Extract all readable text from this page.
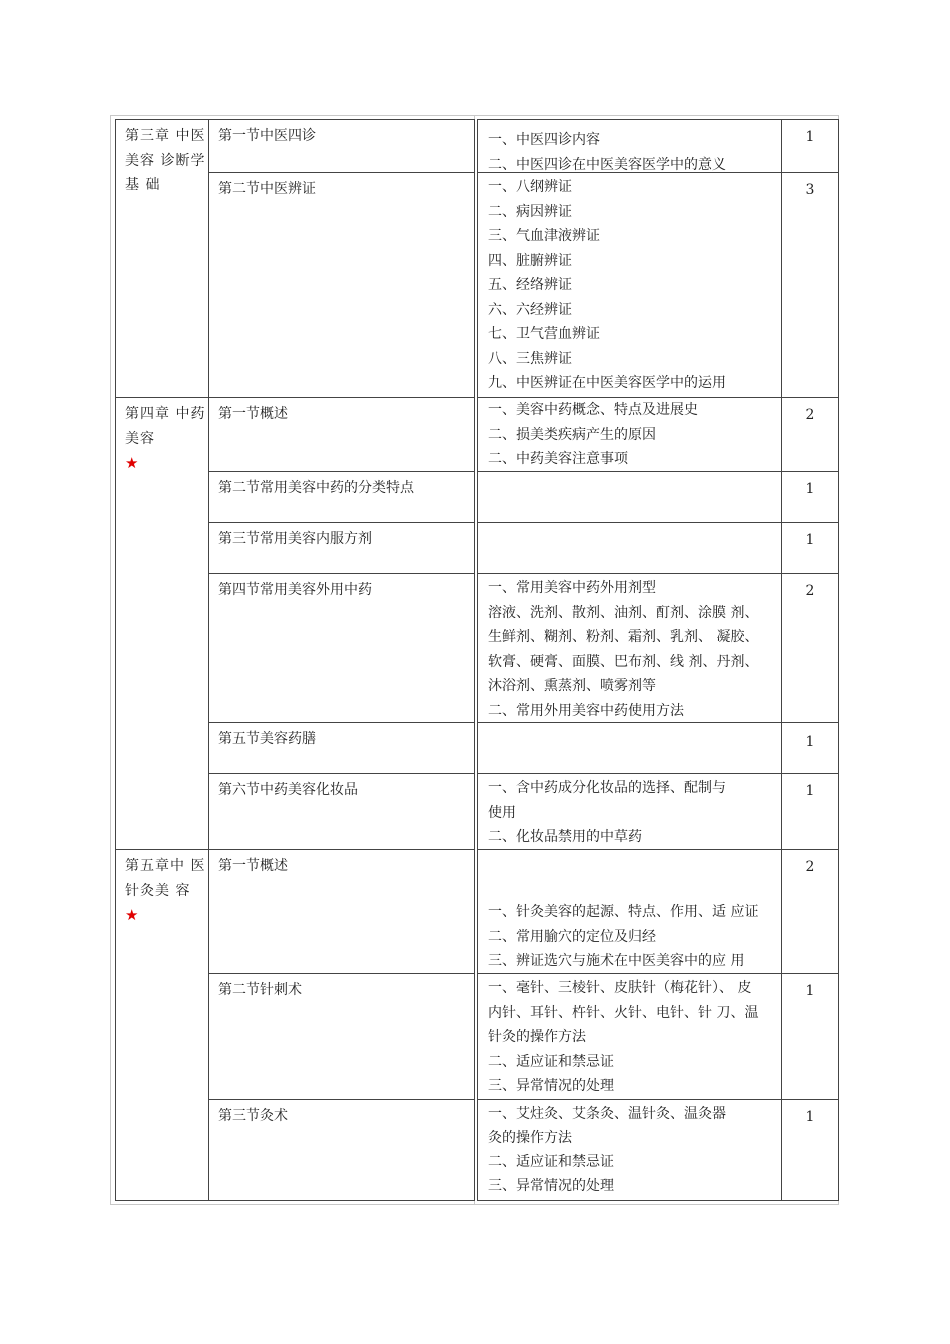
第三章 中医
美容 诊断学
基 础
第四章 中药
美容
★
第五章中 医
针灸美 容
★
第一节中医四诊
第二节中医辨证
第一节概述
第二节常用美容中药的分类特点
第三节常用美容内服方剂
第四节常用美容外用中药
第五节美容药膳
第六节中药美容化妆品
第一节概述
第二节针刺术
第三节灸术
一、中医四诊内容
二、中医四诊在中医美容医学中的意义
1
一、八纲辨证
二、病因辨证
三、气血津液辨证
四、脏腑辨证
五、经络辨证
六、六经辨证
七、卫气营血辨证
八、三焦辨证
九、中医辨证在中医美容医学中的运用
3
一、美容中药概念、特点及进展史
二、损美类疾病产生的原因
二、中药美容注意事项
2
1
1
一、常用美容中药外用剂型
溶液、洗剂、散剂、油剂、酊剂、涂膜 剂、
生鲜剂、糊剂、粉剂、霜剂、乳剂、 凝胶、
软膏、硬膏、面膜、巴布剂、线 剂、丹剂、
沐浴剂、熏蒸剂、喷雾剂等
二、常用外用美容中药使用方法
2
1
一、含中药成分化妆品的选择、配制与
使用
二、化妆品禁用的中草药
1
一、针灸美容的起源、特点、作用、适 应证
二、常用腧穴的定位及归经
三、辨证选穴与施术在中医美容中的应 用
2
一、毫针、三棱针、皮肤针（梅花针）、 皮
内针、耳针、杵针、火针、电针、针 刀、温
针灸的操作方法
二、适应证和禁忌证
三、异常情况的处理
1
一、艾炷灸、艾条灸、温针灸、温灸器
灸的操作方法
二、适应证和禁忌证
三、异常情况的处理
1
